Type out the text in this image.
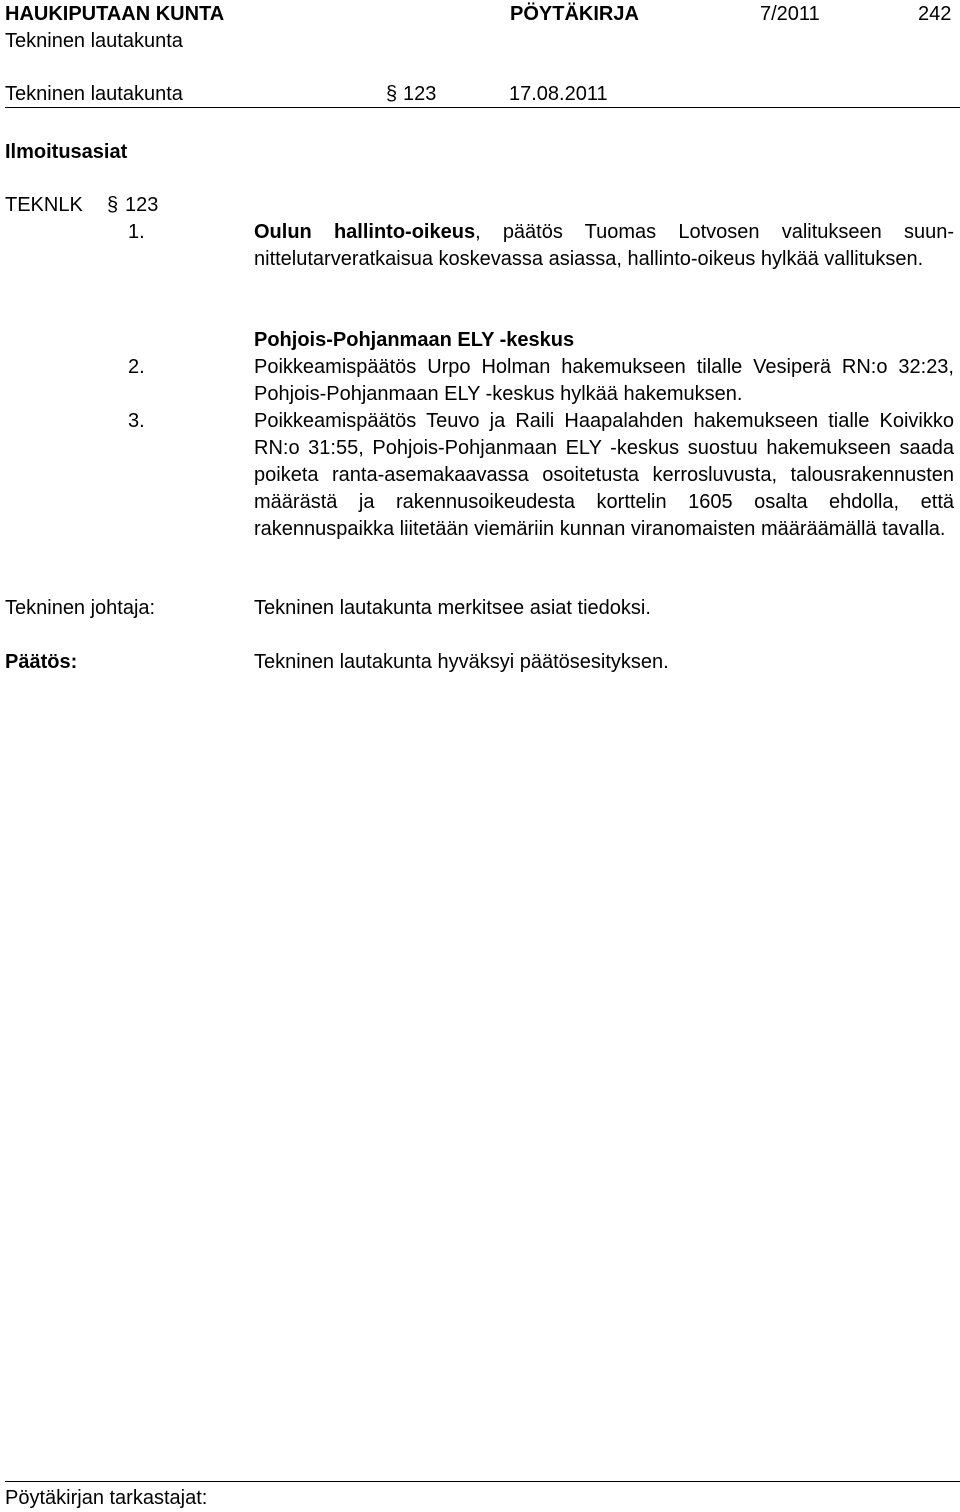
HAUKIPUTAAN KUNTA	PÖYTÄKIRJA	7/2011	242
Tekninen lautakunta
Tekninen lautakunta	§ 123	17.08.2011
Ilmoitusasiat
TEKNLK § 123
1.	Oulun hallinto-oikeus, päätös Tuomas Lotvosen valitukseen suunnittelutarveratkaisua koskevassa asiassa, hallinto-oikeus hylkää vallituksen.
Pohjois-Pohjanmaan ELY -keskus
2.	Poikkeamispäätös Urpo Holman hakemukseen tilalle Vesiperä RN:o 32:23, Pohjois-Pohjanmaan ELY -keskus hylkää hakemuksen.
3.	Poikkeamispäätös Teuvo ja Raili Haapalahden hakemukseen tialle Koivikko RN:o 31:55, Pohjois-Pohjanmaan ELY -keskus suostuu hakemukseen saada poiketa ranta-asemakaavassa osoitetusta kerrosluvusta, talousrakennusten määrästä ja rakennusoikeudesta korttelin 1605 osalta ehdolla, että rakennuspaikka liitetään viemäriin kunnan viranomaisten määräämällä tavalla.
Tekninen johtaja:	Tekninen lautakunta merkitsee asiat tiedoksi.
Päätös:	Tekninen lautakunta hyväksyi päätösesityksen.
Pöytäkirjan tarkastajat:
